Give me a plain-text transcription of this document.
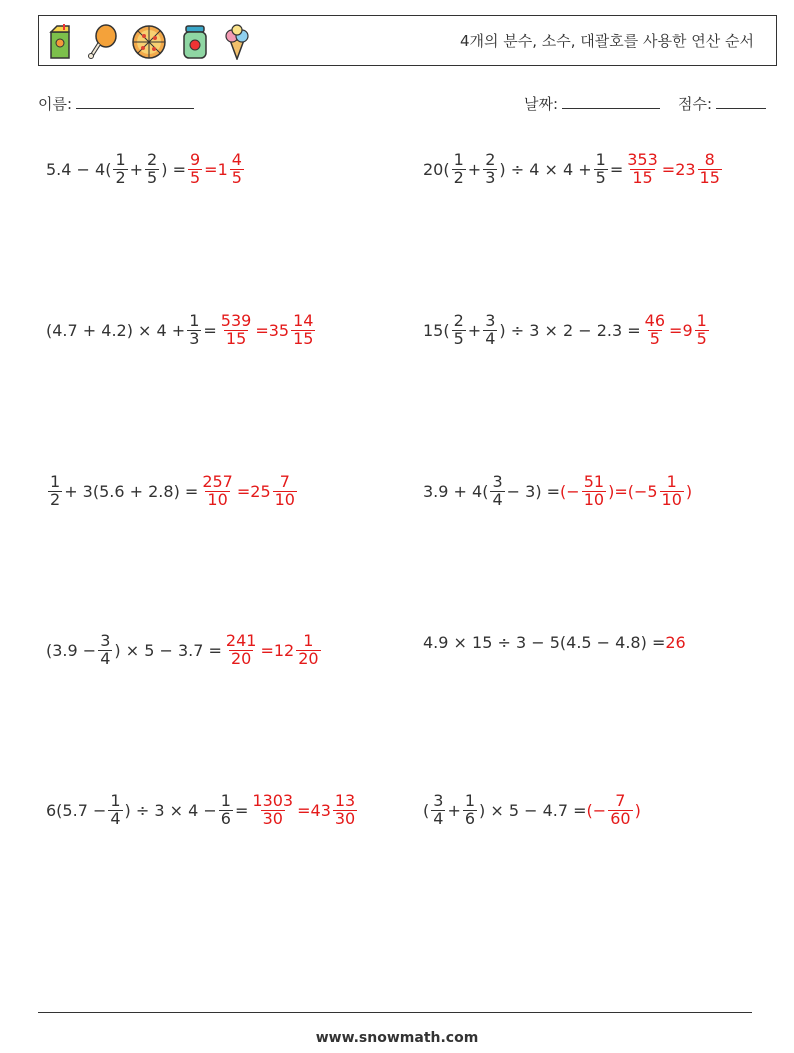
4개의 분수, 소수, 대괄호를 사용한 연산 순서
이름:	날짜:	점수:
$5.4 - 4( \frac{1}{2} + \frac{2}{5}$ ) = $\frac{9}{5} = 1 \frac{4}{5}$	$20( \frac{1}{2} + \frac{2}{3}$ ) ÷ $4 \times 4 + \frac{1}{5} = \frac{353}{15} = 23 \frac{8}{15}$
$(4.7 + 4.2) \times 4 + \frac{1}{3} = \frac{539}{15} = 35 \frac{14}{15}$	$15( \frac{2}{5} + \frac{3}{4}$ ) ÷ $3 \times 2 - 2.3 = \frac{46}{5} = 9 \frac{1}{5}$
$\frac{1}{2} + 3(5.6 + 2.8) = \frac{257}{10} = 25 \frac{7}{10}$	$3.9 + 4( \frac{3}{4} - 3)$ = (− $\frac{51}{10}$ ) = ($-5 \frac{1}{10}$ )
($3.9 - \frac{3}{4}$ ) × $5 - 3.7 = \frac{241}{20} = 12 \frac{1}{20}$	4.9 × 15 ÷ 3 − 5(4.5 − 4.8) = 26
$6(5.7 - \frac{1}{4}$ ) ÷ $3 \times 4 - \frac{1}{6} = \frac{1303}{30} = 43 \frac{13}{30}$	( $\frac{3}{4} + \frac{1}{6}$ ) × 5 − 4.7 = (− $\frac{7}{60}$ )
www.snowmath.com
